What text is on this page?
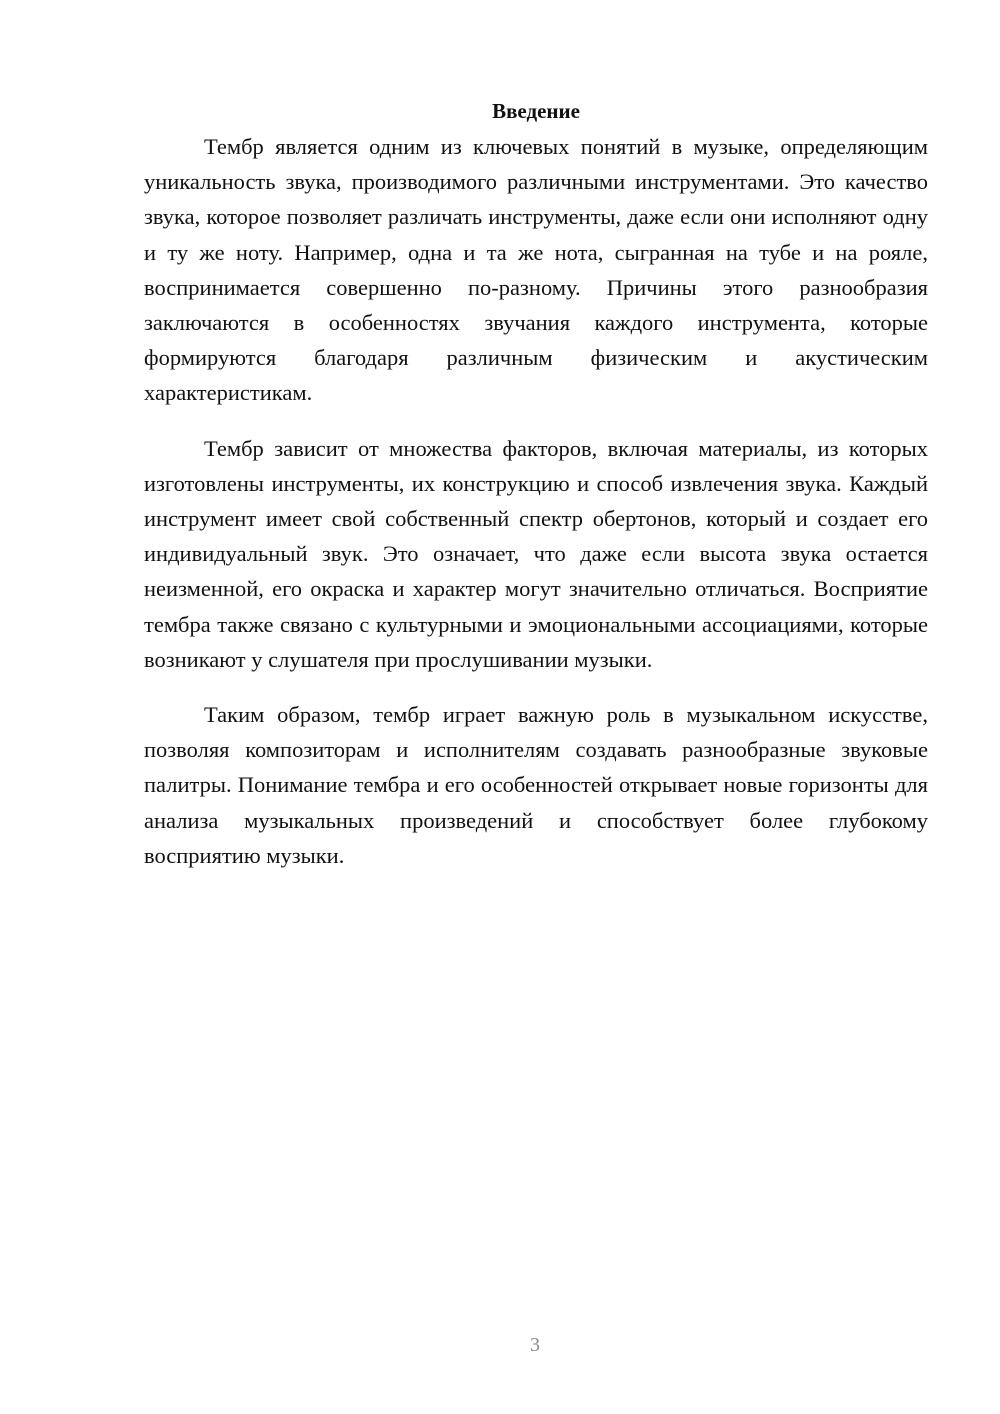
Введение

Тембр является одним из ключевых понятий в музыке, определяющим уникальность звука, производимого различными инструментами. Это качество звука, которое позволяет различать инструменты, даже если они исполняют одну и ту же ноту. Например, одна и та же нота, сыгранная на тубе и на рояле, воспринимается совершенно по-разному. Причины этого разнообразия заключаются в особенностях звучания каждого инструмента, которые формируются благодаря различным физическим и акустическим характеристикам.

Тембр зависит от множества факторов, включая материалы, из которых изготовлены инструменты, их конструкцию и способ извлечения звука. Каждый инструмент имеет свой собственный спектр обертонов, который и создает его индивидуальный звук. Это означает, что даже если высота звука остается неизменной, его окраска и характер могут значительно отличаться. Восприятие тембра также связано с культурными и эмоциональными ассоциациями, которые возникают у слушателя при прослушивании музыки.

Таким образом, тембр играет важную роль в музыкальном искусстве, позволяя композиторам и исполнителям создавать разнообразные звуковые палитры. Понимание тембра и его особенностей открывает новые горизонты для анализа музыкальных произведений и способствует более глубокому восприятию музыки.

3
